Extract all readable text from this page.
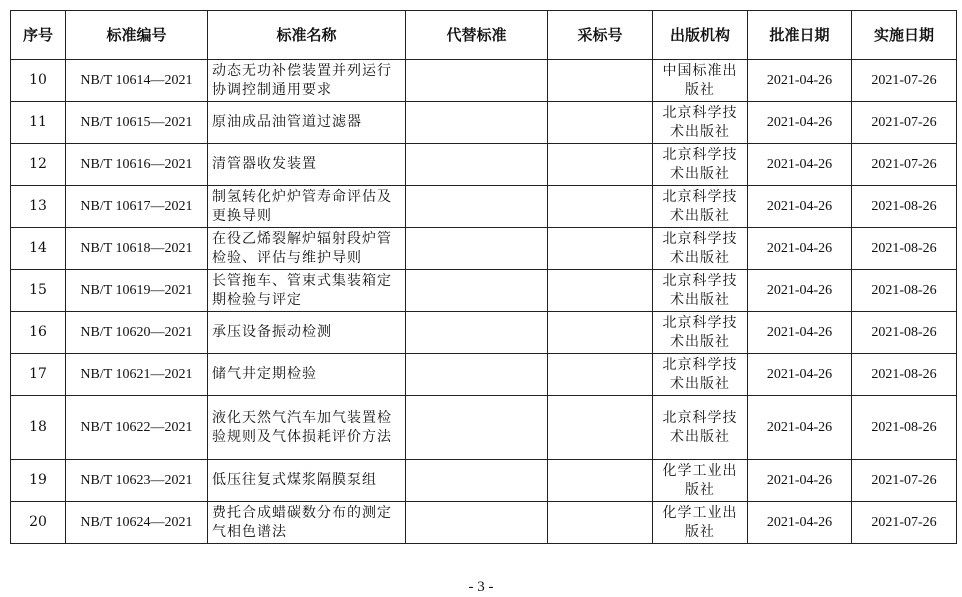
序号	标准编号	标准名称	代替标准	采标号	出版机构	批准日期	实施日期
10	NB/T 10614—2021	动态无功补偿装置并列运行协调控制通用要求			中国标准出版社	2021-04-26	2021-07-26
11	NB/T 10615—2021	原油成品油管道过滤器			北京科学技术出版社	2021-04-26	2021-07-26
12	NB/T 10616—2021	清管器收发装置			北京科学技术出版社	2021-04-26	2021-07-26
13	NB/T 10617—2021	制氢转化炉炉管寿命评估及更换导则			北京科学技术出版社	2021-04-26	2021-08-26
14	NB/T 10618—2021	在役乙烯裂解炉辐射段炉管检验、评估与维护导则			北京科学技术出版社	2021-04-26	2021-08-26
15	NB/T 10619—2021	长管拖车、管束式集装箱定期检验与评定			北京科学技术出版社	2021-04-26	2021-08-26
16	NB/T 10620—2021	承压设备振动检测			北京科学技术出版社	2021-04-26	2021-08-26
17	NB/T 10621—2021	储气井定期检验			北京科学技术出版社	2021-04-26	2021-08-26
18	NB/T 10622—2021	液化天然气汽车加气装置检验规则及气体损耗评价方法			北京科学技术出版社	2021-04-26	2021-08-26
19	NB/T 10623—2021	低压往复式煤浆隔膜泵组			化学工业出版社	2021-04-26	2021-07-26
20	NB/T 10624—2021	费托合成蜡碳数分布的测定 气相色谱法			化学工业出版社	2021-04-26	2021-07-26
- 3 -
